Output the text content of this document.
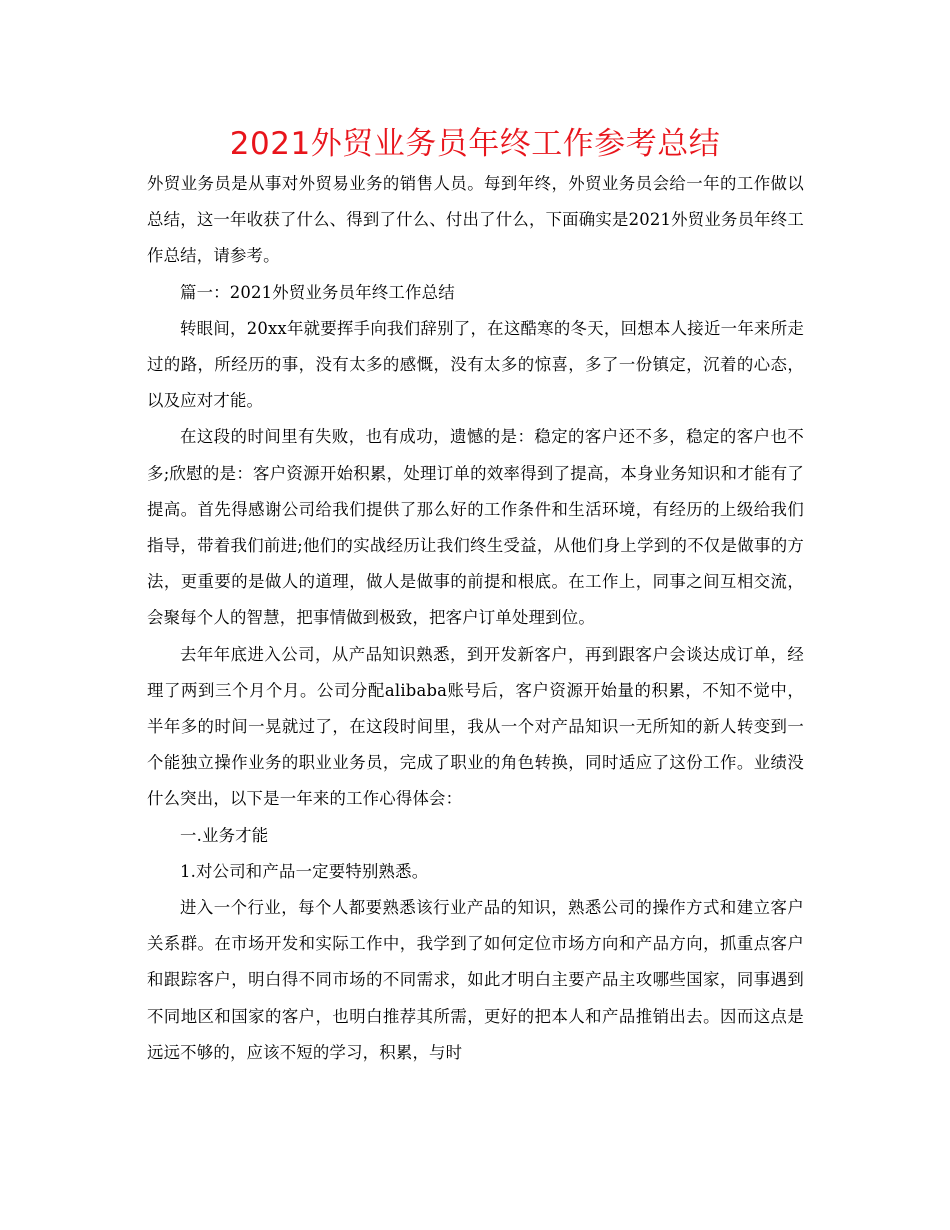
2021外贸业务员年终工作参考总结

外贸业务员是从事对外贸易业务的销售人员。每到年终，外贸业务员会给一年的工作做以总结，这一年收获了什么、得到了什么、付出了什么，下面确实是2021外贸业务员年终工作总结，请参考。

篇一：2021外贸业务员年终工作总结

转眼间，20xx年就要挥手向我们辞别了，在这酷寒的冬天，回想本人接近一年来所走过的路，所经历的事，没有太多的感慨，没有太多的惊喜，多了一份镇定，沉着的心态，以及应对才能。

在这段的时间里有失败，也有成功，遗憾的是：稳定的客户还不多，稳定的客户也不多;欣慰的是：客户资源开始积累，处理订单的效率得到了提高，本身业务知识和才能有了提高。首先得感谢公司给我们提供了那么好的工作条件和生活环境，有经历的上级给我们指导，带着我们前进;他们的实战经历让我们终生受益，从他们身上学到的不仅是做事的方法，更重要的是做人的道理，做人是做事的前提和根底。在工作上，同事之间互相交流，会聚每个人的智慧，把事情做到极致，把客户订单处理到位。

去年年底进入公司，从产品知识熟悉，到开发新客户，再到跟客户会谈达成订单，经理了两到三个月个月。公司分配alibaba账号后，客户资源开始量的积累，不知不觉中，半年多的时间一晃就过了，在这段时间里，我从一个对产品知识一无所知的新人转变到一个能独立操作业务的职业业务员，完成了职业的角色转换，同时适应了这份工作。业绩没什么突出，以下是一年来的工作心得体会：

一.业务才能

1.对公司和产品一定要特别熟悉。

进入一个行业，每个人都要熟悉该行业产品的知识，熟悉公司的操作方式和建立客户关系群。在市场开发和实际工作中，我学到了如何定位市场方向和产品方向，抓重点客户和跟踪客户，明白得不同市场的不同需求，如此才明白主要产品主攻哪些国家，同事遇到不同地区和国家的客户，也明白推荐其所需，更好的把本人和产品推销出去。因而这点是远远不够的，应该不短的学习，积累，与时
